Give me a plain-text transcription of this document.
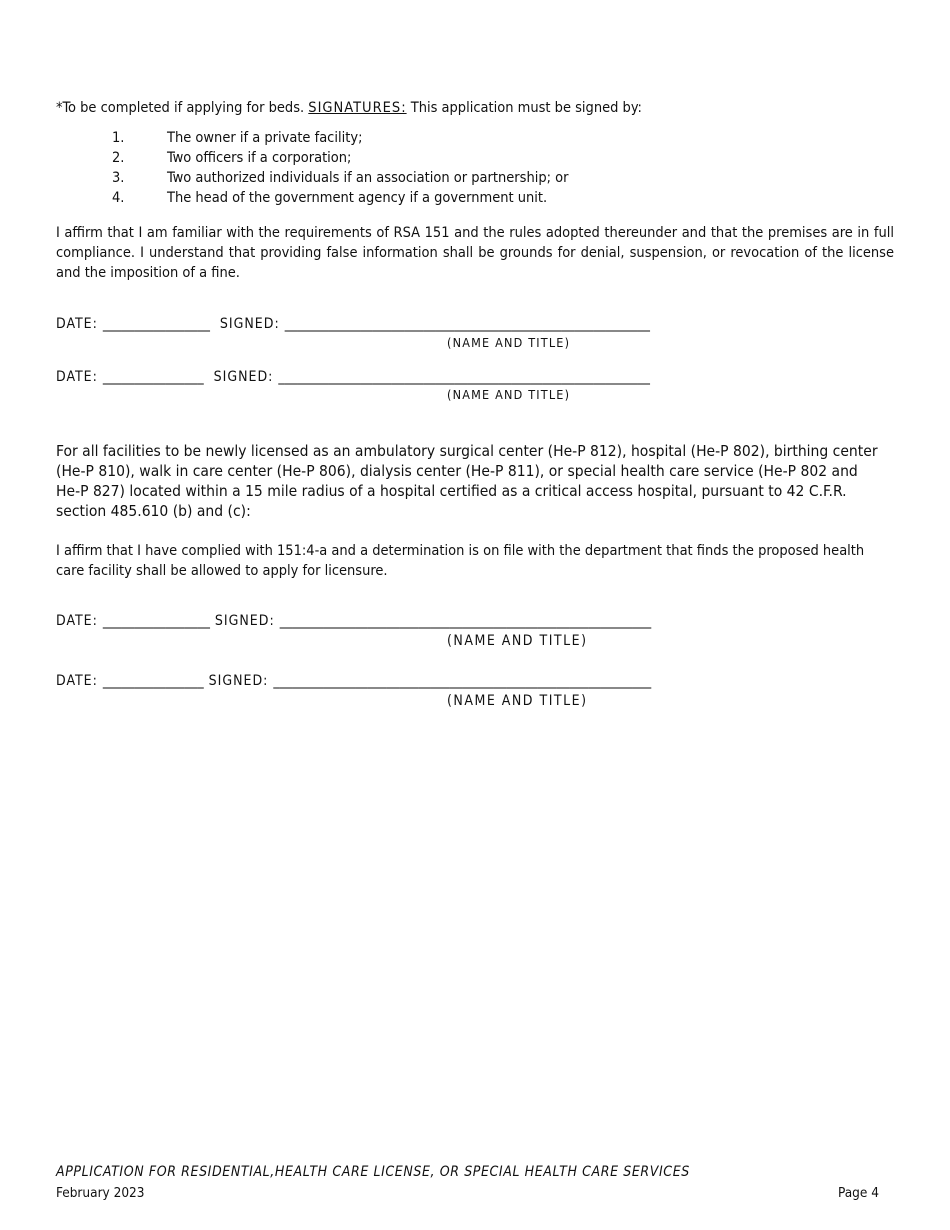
*To be completed if applying for beds. SIGNATURES: This application must be signed by:
1.	The owner if a private facility;
2.	Two officers if a corporation;
3.	Two authorized individuals if an association or partnership; or
4.	The head of the government agency if a government unit.
I affirm that I am familiar with the requirements of RSA 151 and the rules adopted thereunder and that the premises are in full compliance. I understand that providing false information shall be grounds for denial, suspension, or revocation of the license and the imposition of a fine.
DATE: _________________ SIGNED: __________________________________________________________
(NAME AND TITLE)
DATE: ________________ SIGNED: ___________________________________________________________
(NAME AND TITLE)
For all facilities to be newly licensed as an ambulatory surgical center (He-P 812), hospital (He-P 802), birthing center (He-P 810), walk in care center (He-P 806), dialysis center (He-P 811), or special health care service (He-P 802 and He-P 827) located within a 15 mile radius of a hospital certified as a critical access hospital, pursuant to 42 C.F.R. section 485.610 (b) and (c):
I affirm that I have complied with 151:4-a and a determination is on file with the department that finds the proposed health care facility shall be allowed to apply for licensure.
DATE: _________________ SIGNED: ___________________________________________________________
(NAME AND TITLE)
DATE: ________________ SIGNED: ____________________________________________________________
(NAME AND TITLE)
APPLICATION FOR RESIDENTIAL,HEALTH CARE LICENSE, OR SPECIAL HEALTH CARE SERVICES
February 2023	Page 4
